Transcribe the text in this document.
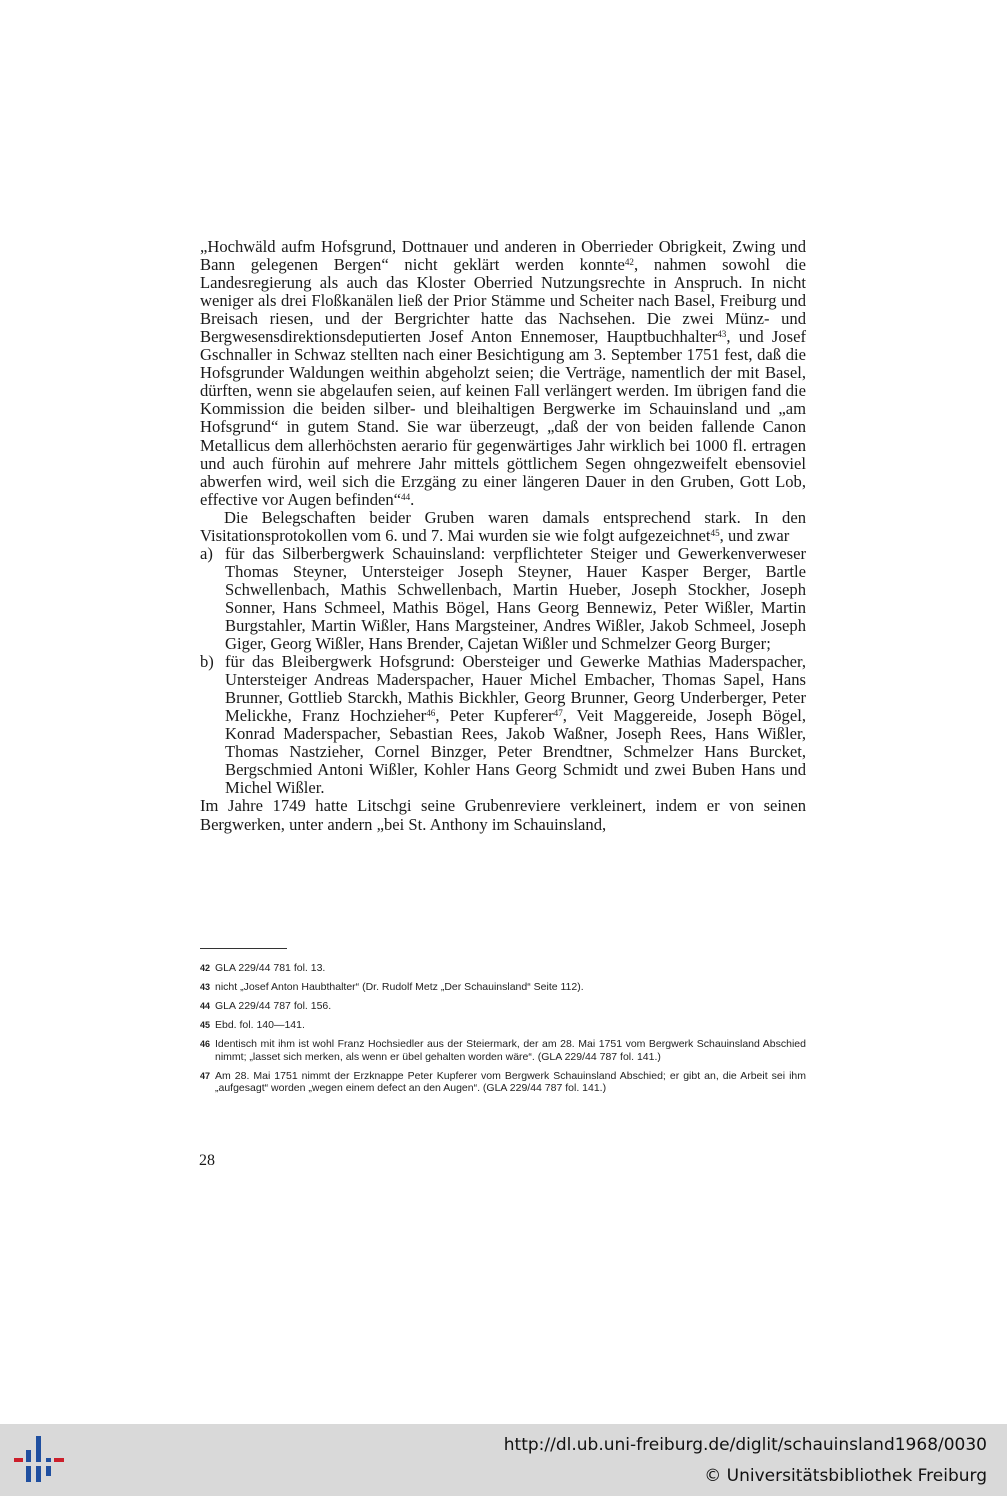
„Hochwäld aufm Hofsgrund, Dottnauer und anderen in Oberrieder Obrigkeit, Zwing und Bann gelegenen Bergen“ nicht geklärt werden konnte$^{42}$, nahmen sowohl die Landesregierung als auch das Kloster Oberried Nutzungsrechte in Anspruch. In nicht weniger als drei Floßkanälen ließ der Prior Stämme und Scheiter nach Basel, Freiburg und Breisach riesen, und der Bergrichter hatte das Nachsehen. Die zwei Münz- und Bergwesensdirektionsdeputierten Josef Anton Ennemoser, Hauptbuchhalter$^{43}$, und Josef Gschnaller in Schwaz stellten nach einer Besichtigung am 3. September 1751 fest, daß die Hofsgrunder Waldungen weithin abgeholzt seien; die Verträge, namentlich der mit Basel, dürften, wenn sie abgelaufen seien, auf keinen Fall verlängert werden. Im übrigen fand die Kommission die beiden silber- und bleihaltigen Bergwerke im Schauinsland und „am Hofsgrund“ in gutem Stand. Sie war überzeugt, „daß der von beiden fallende Canon Metallicus dem allerhöchsten aerario für gegenwärtiges Jahr wirklich bei 1000 fl. ertragen und auch fürohin auf mehrere Jahr mittels göttlichem Segen ohngezweifelt ebensoviel abwerfen wird, weil sich die Erzgäng zu einer längeren Dauer in den Gruben, Gott Lob, effective vor Augen befinden“$^{44}$.

Die Belegschaften beider Gruben waren damals entsprechend stark. In den Visitationsprotokollen vom 6. und 7. Mai wurden sie wie folgt aufgezeichnet$^{45}$, und zwar

a) für das Silberbergwerk Schauinsland: verpflichteter Steiger und Gewerkenverweser Thomas Steyner, Untersteiger Joseph Steyner, Hauer Kasper Berger, Bartle Schwellenbach, Mathis Schwellenbach, Martin Hueber, Joseph Stockher, Joseph Sonner, Hans Schmeel, Mathis Bögel, Hans Georg Bennewiz, Peter Wißler, Martin Burgstahler, Martin Wißler, Hans Margsteiner, Andres Wißler, Jakob Schmeel, Joseph Giger, Georg Wißler, Hans Brender, Cajetan Wißler und Schmelzer Georg Burger;
b) für das Bleibergwerk Hofsgrund: Obersteiger und Gewerke Mathias Maderspacher, Untersteiger Andreas Maderspacher, Hauer Michel Embacher, Thomas Sapel, Hans Brunner, Gottlieb Starckh, Mathis Bickhler, Georg Brunner, Georg Underberger, Peter Melickhe, Franz Hochzieher$^{46}$, Peter Kupferer$^{47}$, Veit Maggereide, Joseph Bögel, Konrad Maderspacher, Sebastian Rees, Jakob Waßner, Joseph Rees, Hans Wißler, Thomas Nastzieher, Cornel Binzger, Peter Brendtner, Schmelzer Hans Burcket, Bergschmied Antoni Wißler, Kohler Hans Georg Schmidt und zwei Buben Hans und Michel Wißler.

Im Jahre 1749 hatte Litschgi seine Grubenreviere verkleinert, indem er von seinen Bergwerken, unter andern „bei St. Anthony im Schauinsland,

42 GLA 229/44 781 fol. 13.
43 nicht „Josef Anton Haubthalter“ (Dr. Rudolf Metz „Der Schauinsland“ Seite 112).
44 GLA 229/44 787 fol. 156.
45 Ebd. fol. 140—141.
46 Identisch mit ihm ist wohl Franz Hochsiedler aus der Steiermark, der am 28. Mai 1751 vom Bergwerk Schauinsland Abschied nimmt; „lasset sich merken, als wenn er übel gehalten worden wäre“. (GLA 229/44 787 fol. 141.)
47 Am 28. Mai 1751 nimmt der Erzknappe Peter Kupferer vom Bergwerk Schauinsland Abschied; er gibt an, die Arbeit sei ihm „aufgesagt“ worden „wegen einem defect an den Augen“. (GLA 229/44 787 fol. 141.)
28
http://dl.ub.uni-freiburg.de/diglit/schauinsland1968/0030
© Universitätsbibliothek Freiburg
